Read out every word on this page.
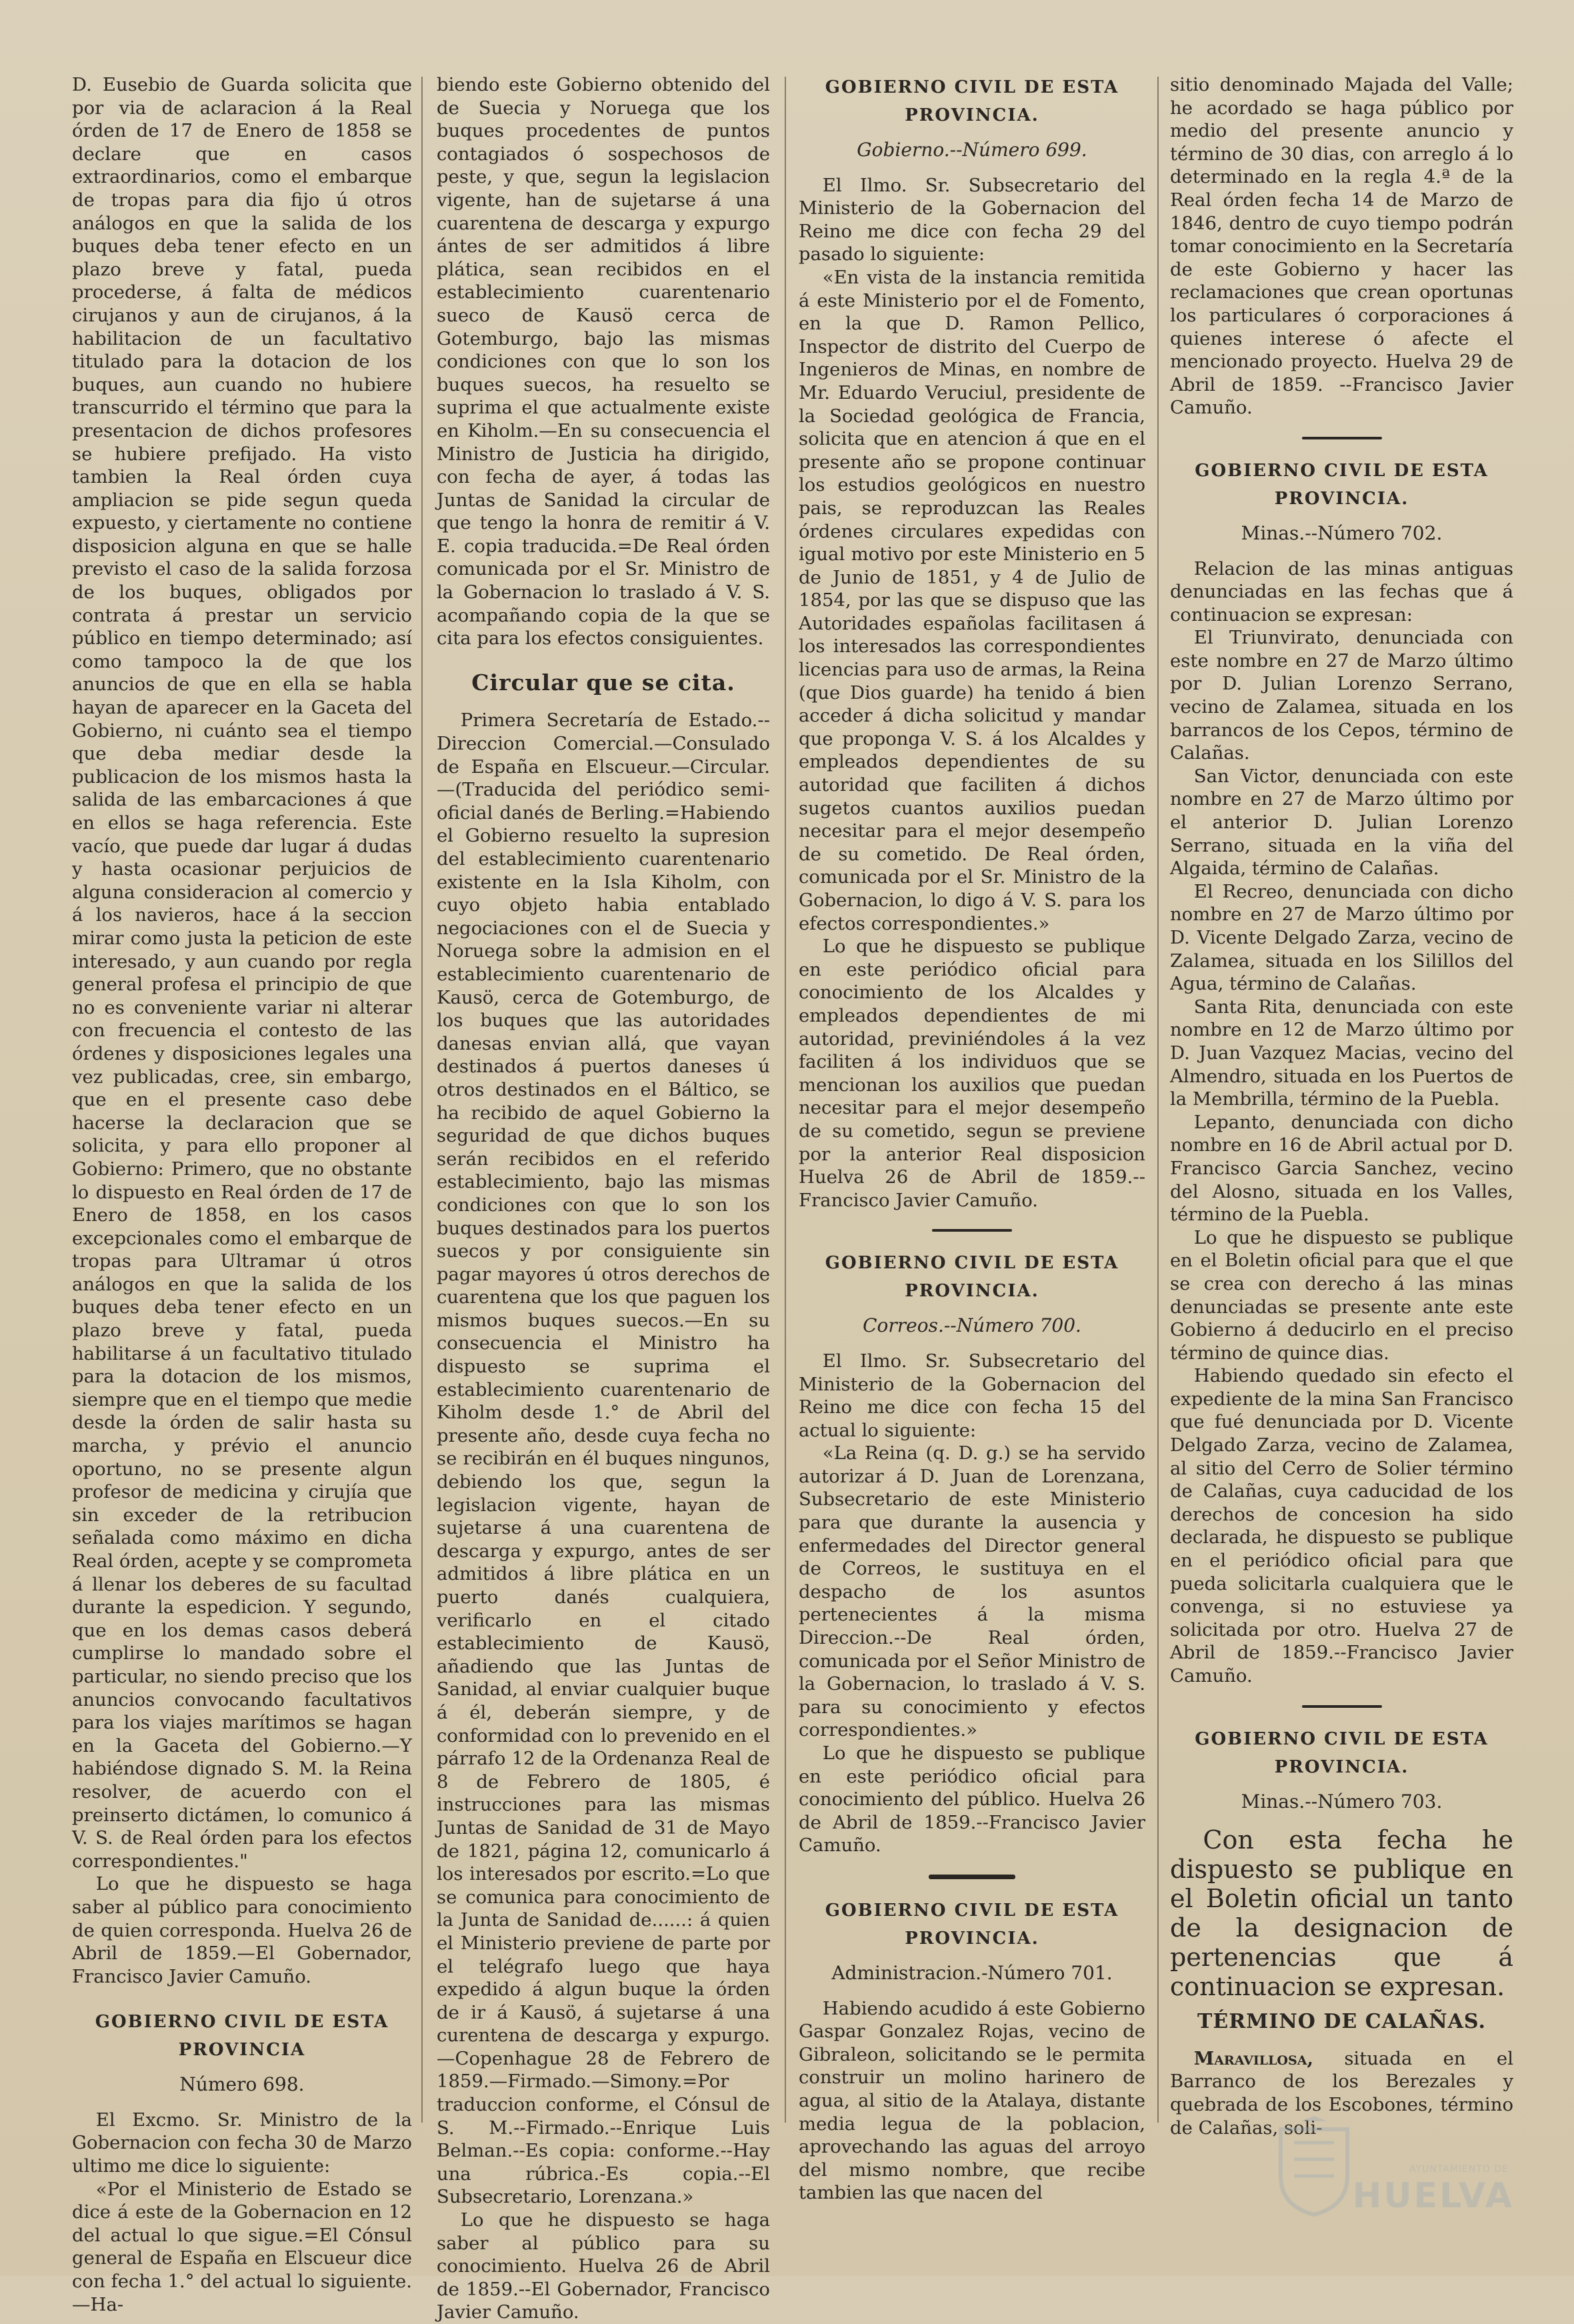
D. Eusebio de Guarda solicita que por via de aclaracion á la Real órden de 17 de Enero de 1858 se declare que en casos extraordinarios, como el embarque de tropas para dia fijo ú otros análogos en que la salida de los buques deba tener efecto en un plazo breve y fatal, pueda procederse, á falta de médicos cirujanos y aun de cirujanos, á la habilitacion de un facultativo titulado para la dotacion de los buques, aun cuando no hubiere transcurrido el término que para la presentacion de dichos profesores se hubiere prefijado. Ha visto tambien la Real órden cuya ampliacion se pide segun queda expuesto, y ciertamente no contiene disposicion alguna en que se halle previsto el caso de la salida forzosa de los buques, obligados por contrata á prestar un servicio público en tiempo determinado; así como tampoco la de que los anuncios de que en ella se habla hayan de aparecer en la Gaceta del Gobierno, ni cuánto sea el tiempo que deba mediar desde la publicacion de los mismos hasta la salida de las embarcaciones á que en ellos se haga referencia. Este vacío, que puede dar lugar á dudas y hasta ocasionar perjuicios de alguna consideracion al comercio y á los navieros, hace á la seccion mirar como justa la peticion de este interesado, y aun cuando por regla general profesa el principio de que no es conveniente variar ni alterar con frecuencia el contesto de las órdenes y disposiciones legales una vez publicadas, cree, sin embargo, que en el presente caso debe hacerse la declaracion que se solicita, y para ello proponer al Gobierno: Primero, que no obstante lo dispuesto en Real órden de 17 de Enero de 1858, en los casos excepcionales como el embarque de tropas para Ultramar ú otros análogos en que la salida de los buques deba tener efecto en un plazo breve y fatal, pueda habilitarse á un facultativo titulado para la dotacion de los mismos, siempre que en el tiempo que medie desde la órden de salir hasta su marcha, y prévio el anuncio oportuno, no se presente algun profesor de medicina y cirujía que sin exceder de la retribucion señalada como máximo en dicha Real órden, acepte y se comprometa á llenar los deberes de su facultad durante la espedicion. Y segundo, que en los demas casos deberá cumplirse lo mandado sobre el particular, no siendo preciso que los anuncios convocando facultativos para los viajes marítimos se hagan en la Gaceta del Gobierno.—Y habiéndose dignado S. M. la Reina resolver, de acuerdo con el preinserto dictámen, lo comunico á V. S. de Real órden para los efectos correspondientes."

Lo que he dispuesto se haga saber al público para conocimiento de quien corresponda. Huelva 26 de Abril de 1859.—El Gobernador, Francisco Javier Camuño.

GOBIERNO CIVIL DE ESTA PROVINCIA
Número 698.

El Excmo. Sr. Ministro de la Gobernacion con fecha 30 de Marzo ultimo me dice lo siguiente:

«Por el Ministerio de Estado se dice á este de la Gobernacion en 12 del actual lo que sigue.=El Cónsul general de España en Elscueur dice con fecha 1.° del actual lo siguiente.—Ha-

biendo este Gobierno obtenido del de Suecia y Noruega que los buques procedentes de puntos contagiados ó sospechosos de peste, y que, segun la legislacion vigente, han de sujetarse á una cuarentena de descarga y expurgo ántes de ser admitidos á libre plática, sean recibidos en el establecimiento cuarentenario sueco de Kausö cerca de Gotemburgo, bajo las mismas condiciones con que lo son los buques suecos, ha resuelto se suprima el que actualmente existe en Kiholm.—En su consecuencia el Ministro de Justicia ha dirigido, con fecha de ayer, á todas las Juntas de Sanidad la circular de que tengo la honra de remitir á V. E. copia traducida.=De Real órden comunicada por el Sr. Ministro de la Gobernacion lo traslado á V. S. acompañando copia de la que se cita para los efectos consiguientes.

Circular que se cita.

Primera Secretaría de Estado.--Direccion Comercial.—Consulado de España en Elscueur.—Circular.—(Traducida del periódico semi-oficial danés de Berling.=Habiendo el Gobierno resuelto la supresion del establecimiento cuarentenario existente en la Isla Kiholm, con cuyo objeto habia entablado negociaciones con el de Suecia y Noruega sobre la admision en el establecimiento cuarentenario de Kausö, cerca de Gotemburgo, de los buques que las autoridades danesas envian allá, que vayan destinados á puertos daneses ú otros destinados en el Báltico, se ha recibido de aquel Gobierno la seguridad de que dichos buques serán recibidos en el referido establecimiento, bajo las mismas condiciones con que lo son los buques destinados para los puertos suecos y por consiguiente sin pagar mayores ú otros derechos de cuarentena que los que paguen los mismos buques suecos.—En su consecuencia el Ministro ha dispuesto se suprima el establecimiento cuarentenario de Kiholm desde 1.° de Abril del presente año, desde cuya fecha no se recibirán en él buques ningunos, debiendo los que, segun la legislacion vigente, hayan de sujetarse á una cuarentena de descarga y expurgo, antes de ser admitidos á libre plática en un puerto danés cualquiera, verificarlo en el citado establecimiento de Kausö, añadiendo que las Juntas de Sanidad, al enviar cualquier buque á él, deberán siempre, y de conformidad con lo prevenido en el párrafo 12 de la Ordenanza Real de 8 de Febrero de 1805, é instrucciones para las mismas Juntas de Sanidad de 31 de Mayo de 1821, página 12, comunicarlo á los interesados por escrito.=Lo que se comunica para conocimiento de la Junta de Sanidad de......: á quien el Ministerio previene de parte por el telégrafo luego que haya expedido á algun buque la órden de ir á Kausö, á sujetarse á una curentena de descarga y expurgo.—Copenhague 28 de Febrero de 1859.—Firmado.—Simony.=Por traduccion conforme, el Cónsul de S. M.--Firmado.--Enrique Luis Belman.--Es copia: conforme.--Hay una rúbrica.-Es copia.--El Subsecretario, Lorenzana.»

Lo que he dispuesto se haga saber al público para su conocimiento. Huelva 26 de Abril de 1859.--El Gobernador, Francisco Javier Camuño.

GOBIERNO CIVIL DE ESTA PROVINCIA.
Gobierno.--Número 699.

El Ilmo. Sr. Subsecretario del Ministerio de la Gobernacion del Reino me dice con fecha 29 del pasado lo siguiente:

«En vista de la instancia remitida á este Ministerio por el de Fomento, en la que D. Ramon Pellico, Inspector de distrito del Cuerpo de Ingenieros de Minas, en nombre de Mr. Eduardo Veruciul, presidente de la Sociedad geológica de Francia, solicita que en atencion á que en el presente año se propone continuar los estudios geológicos en nuestro pais, se reproduzcan las Reales órdenes circulares expedidas con igual motivo por este Ministerio en 5 de Junio de 1851, y 4 de Julio de 1854, por las que se dispuso que las Autoridades españolas facilitasen á los interesados las correspondientes licencias para uso de armas, la Reina (que Dios guarde) ha tenido á bien acceder á dicha solicitud y mandar que proponga V. S. á los Alcaldes y empleados dependientes de su autoridad que faciliten á dichos sugetos cuantos auxilios puedan necesitar para el mejor desempeño de su cometido. De Real órden, comunicada por el Sr. Ministro de la Gobernacion, lo digo á V. S. para los efectos correspondientes.»

Lo que he dispuesto se publique en este periódico oficial para conocimiento de los Alcaldes y empleados dependientes de mi autoridad, previniéndoles á la vez faciliten á los individuos que se mencionan los auxilios que puedan necesitar para el mejor desempeño de su cometido, segun se previene por la anterior Real disposicion Huelva 26 de Abril de 1859.--Francisco Javier Camuño.

GOBIERNO CIVIL DE ESTA PROVINCIA.
Correos.--Número 700.

El Ilmo. Sr. Subsecretario del Ministerio de la Gobernacion del Reino me dice con fecha 15 del actual lo siguiente:

«La Reina (q. D. g.) se ha servido autorizar á D. Juan de Lorenzana, Subsecretario de este Ministerio para que durante la ausencia y enfermedades del Director general de Correos, le sustituya en el despacho de los asuntos pertenecientes á la misma Direccion.--De Real órden, comunicada por el Señor Ministro de la Gobernacion, lo traslado á V. S. para su conocimiento y efectos correspondientes.»

Lo que he dispuesto se publique en este periódico oficial para conocimiento del público. Huelva 26 de Abril de 1859.--Francisco Javier Camuño.

GOBIERNO CIVIL DE ESTA PROVINCIA.
Administracion.-Número 701.

Habiendo acudido á este Gobierno Gaspar Gonzalez Rojas, vecino de Gibraleon, solicitando se le permita construir un molino harinero de agua, al sitio de la Atalaya, distante media legua de la poblacion, aprovechando las aguas del arroyo del mismo nombre, que recibe tambien las que nacen del

sitio denominado Majada del Valle; he acordado se haga público por medio del presente anuncio y término de 30 dias, con arreglo á lo determinado en la regla 4.ª de la Real órden fecha 14 de Marzo de 1846, dentro de cuyo tiempo podrán tomar conocimiento en la Secretaría de este Gobierno y hacer las reclamaciones que crean oportunas los particulares ó corporaciones á quienes interese ó afecte el mencionado proyecto. Huelva 29 de Abril de 1859. --Francisco Javier Camuño.

GOBIERNO CIVIL DE ESTA PROVINCIA.
Minas.--Número 702.

Relacion de las minas antiguas denunciadas en las fechas que á continuacion se expresan:

El Triunvirato, denunciada con este nombre en 27 de Marzo último por D. Julian Lorenzo Serrano, vecino de Zalamea, situada en los barrancos de los Cepos, término de Calañas.

San Victor, denunciada con este nombre en 27 de Marzo último por el anterior D. Julian Lorenzo Serrano, situada en la viña del Algaida, término de Calañas.

El Recreo, denunciada con dicho nombre en 27 de Marzo último por D. Vicente Delgado Zarza, vecino de Zalamea, situada en los Silillos del Agua, término de Calañas.

Santa Rita, denunciada con este nombre en 12 de Marzo último por D. Juan Vazquez Macias, vecino del Almendro, situada en los Puertos de la Membrilla, término de la Puebla.

Lepanto, denunciada con dicho nombre en 16 de Abril actual por D. Francisco Garcia Sanchez, vecino del Alosno, situada en los Valles, término de la Puebla.

Lo que he dispuesto se publique en el Boletin oficial para que el que se crea con derecho á las minas denunciadas se presente ante este Gobierno á deducirlo en el preciso término de quince dias.

Habiendo quedado sin efecto el expediente de la mina San Francisco que fué denunciada por D. Vicente Delgado Zarza, vecino de Zalamea, al sitio del Cerro de Solier término de Calañas, cuya caducidad de los derechos de concesion ha sido declarada, he dispuesto se publique en el periódico oficial para que pueda solicitarla cualquiera que le convenga, si no estuviese ya solicitada por otro. Huelva 27 de Abril de 1859.--Francisco Javier Camuño.

GOBIERNO CIVIL DE ESTA PROVINCIA.
Minas.--Número 703.

Con esta fecha he dispuesto se publique en el Boletin oficial un tanto de la designacion de pertenencias que á continuacion se expresan.

TÉRMINO DE CALAÑAS.

Maravillosa, situada en el Barranco de los Berezales y quebrada de los Escobones, término de Calañas, soli-

AYUNTAMIENTO DE
HUELVA
